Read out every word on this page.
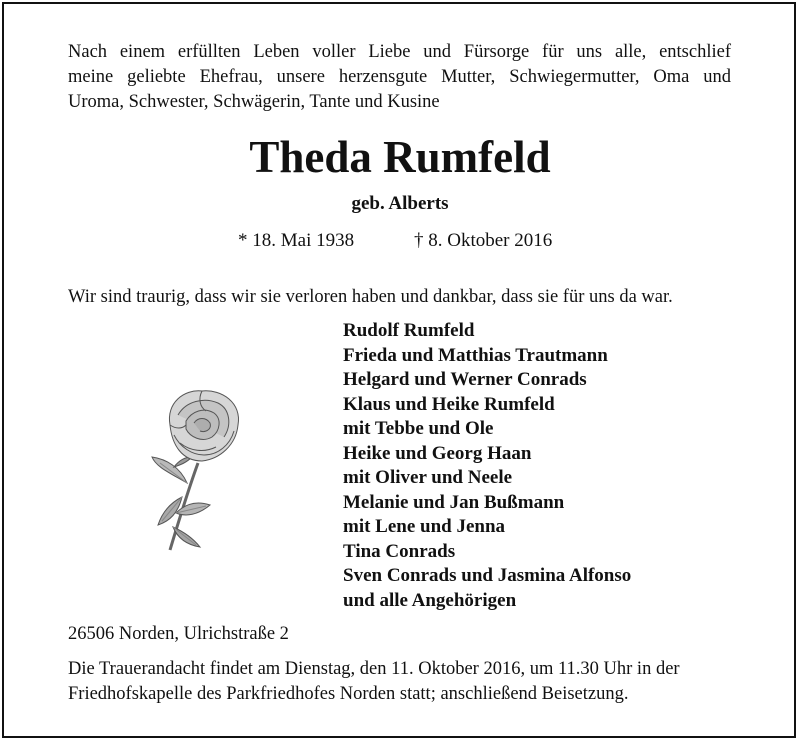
Nach einem erfüllten Leben voller Liebe und Fürsorge für uns alle, entschlief
meine geliebte Ehefrau, unsere herzensgute Mutter, Schwiegermutter, Oma und
Uroma, Schwester, Schwägerin, Tante und Kusine
Theda Rumfeld
geb. Alberts
* 18. Mai 1938	† 8. Oktober 2016
Wir sind traurig, dass wir sie verloren haben und dankbar, dass sie für uns da war.
Rudolf Rumfeld
Frieda und Matthias Trautmann
Helgard und Werner Conrads
Klaus und Heike Rumfeld
mit Tebbe und Ole
Heike und Georg Haan
mit Oliver und Neele
Melanie und Jan Bußmann
mit Lene und Jenna
Tina Conrads
Sven Conrads und Jasmina Alfonso
und alle Angehörigen
26506 Norden, Ulrichstraße 2
Die Trauerandacht findet am Dienstag, den 11. Oktober 2016, um 11.30 Uhr in der Friedhofskapelle des Parkfriedhofes Norden statt; anschließend Beisetzung.
